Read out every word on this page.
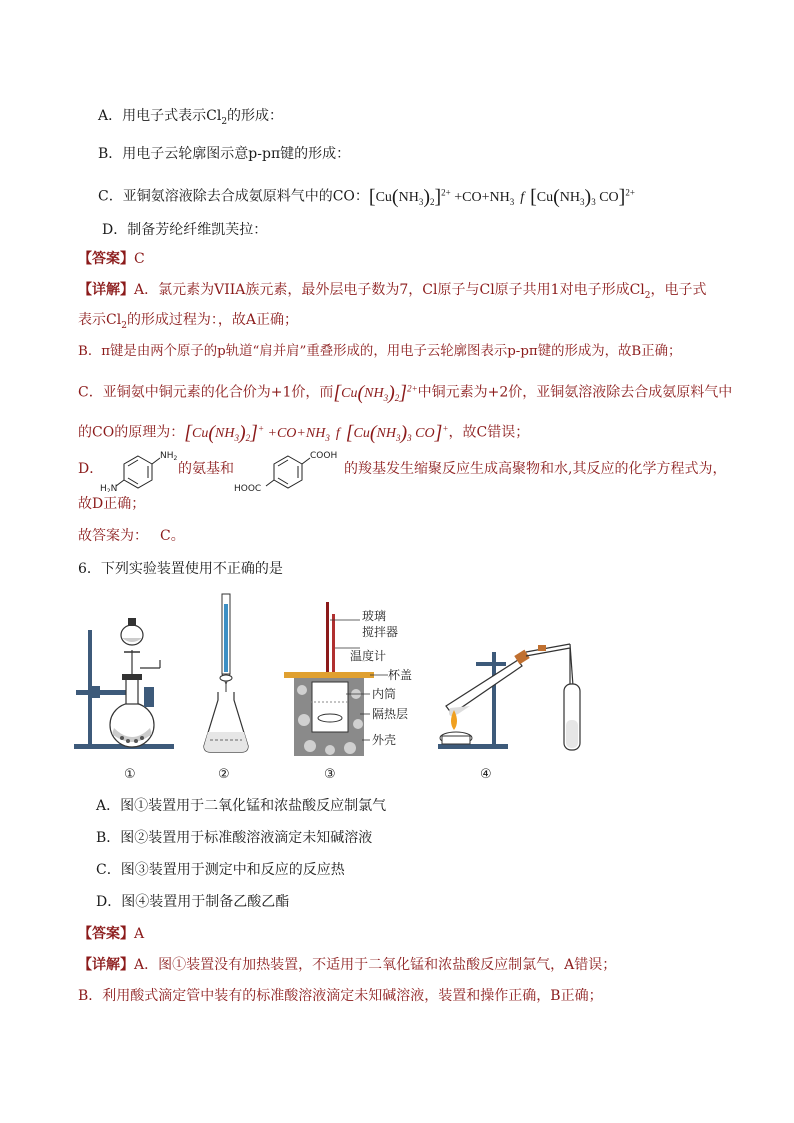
A．用电子式表示$Cl_2$的形成：
B．用电子云轮廓图示意p-pπ键的形成：
C．亚铜氨溶液除去合成氨原料气中的CO：$[Cu(NH_3)_2]^{2+} +CO+NH_3$ f [$Cu(NH_3)_3$ CO]$^{2+}$
D．制备芳纶纤维凯芙拉：
【答案】C
【详解】A．氯元素为VIIA族元素，最外层电子数为7，Cl原子与Cl原子共用1对电子形成$Cl_2$，电子式
表示$Cl_2$的形成过程为：，故A正确；
B．π键是由两个原子的p轨道“肩并肩”重叠形成的，用电子云轮廓图表示p-pπ键的形成为，故B正确；
C．亚铜氨中铜元素的化合价为+1价，而$[Cu(NH_3)_2]^{2+}$中铜元素为+2价，亚铜氨溶液除去合成氨原料气中
的CO的原理为：$[Cu(NH_3)_2]^+ +CO+NH_3$ f [$Cu(NH_3)_3$ CO]+，故C错误；
D．
$NH_2$
$H_2N$
的氨基和
COOH
HOOC
的羧基发生缩聚反应生成高聚物和水,其反应的化学方程式为，
故D正确；
故答案为： C。
6．下列实验装置使用不正确的是
①	②
玻璃
搅拌器
温度计
杯盖
内筒
隔热层
外壳
③	④
A．图①装置用于二氧化锰和浓盐酸反应制氯气
B．图②装置用于标准酸溶液滴定未知碱溶液
C．图③装置用于测定中和反应的反应热
D．图④装置用于制备乙酸乙酯
【答案】A
【详解】A．图①装置没有加热装置，不适用于二氧化锰和浓盐酸反应制氯气，A错误；
B．利用酸式滴定管中装有的标准酸溶液滴定未知碱溶液，装置和操作正确，B正确；
